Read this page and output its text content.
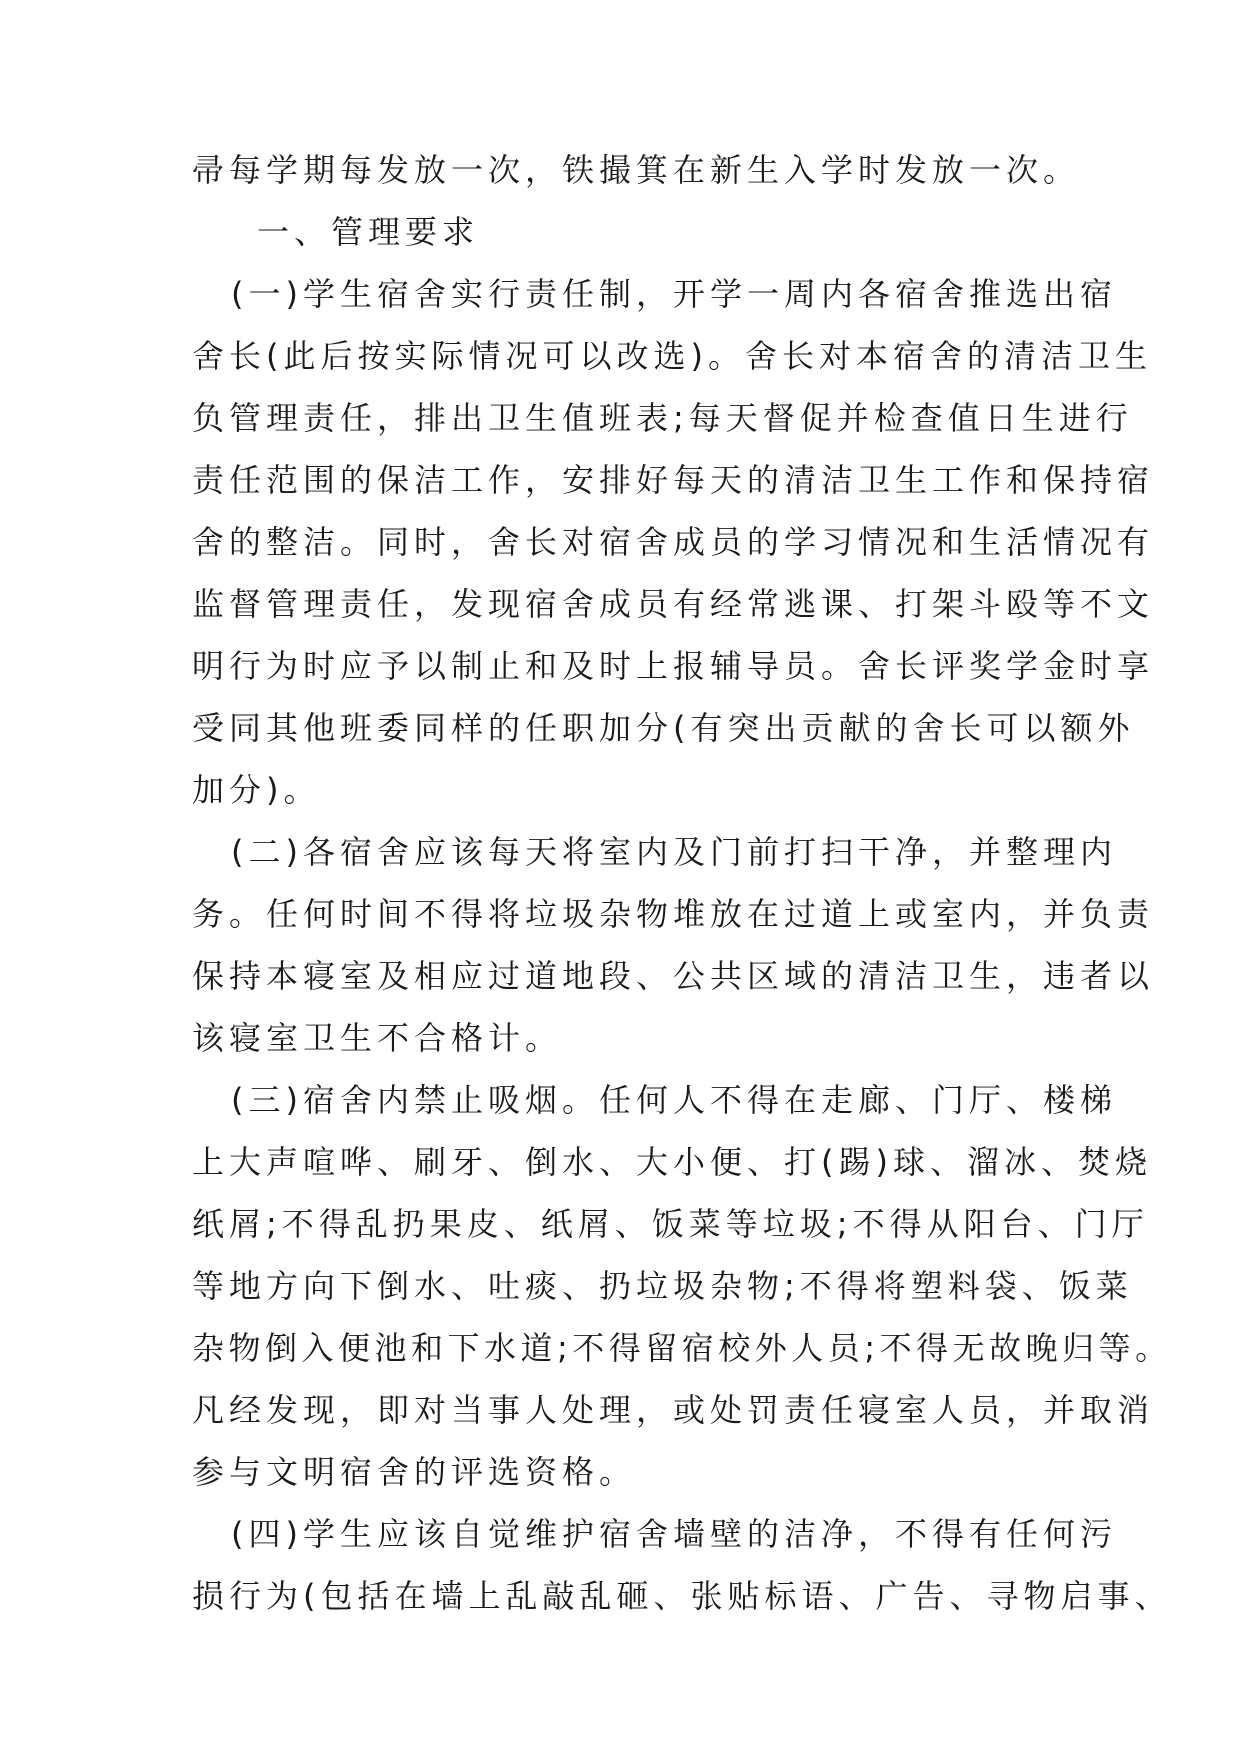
帚每学期每发放一次，铁撮箕在新生入学时发放一次。

一、管理要求

(一)学生宿舍实行责任制，开学一周内各宿舍推选出宿

舍长(此后按实际情况可以改选)。舍长对本宿舍的清洁卫生

负管理责任，排出卫生值班表;每天督促并检查值日生进行

责任范围的保洁工作，安排好每天的清洁卫生工作和保持宿

舍的整洁。同时，舍长对宿舍成员的学习情况和生活情况有

监督管理责任，发现宿舍成员有经常逃课、打架斗殴等不文

明行为时应予以制止和及时上报辅导员。舍长评奖学金时享

受同其他班委同样的任职加分(有突出贡献的舍长可以额外

加分)。

(二)各宿舍应该每天将室内及门前打扫干净，并整理内

务。任何时间不得将垃圾杂物堆放在过道上或室内，并负责

保持本寝室及相应过道地段、公共区域的清洁卫生，违者以

该寝室卫生不合格计。

(三)宿舍内禁止吸烟。任何人不得在走廊、门厅、楼梯

上大声喧哗、刷牙、倒水、大小便、打(踢)球、溜冰、焚烧

纸屑;不得乱扔果皮、纸屑、饭菜等垃圾;不得从阳台、门厅

等地方向下倒水、吐痰、扔垃圾杂物;不得将塑料袋、饭菜

杂物倒入便池和下水道;不得留宿校外人员;不得无故晚归等。

凡经发现，即对当事人处理，或处罚责任寝室人员，并取消

参与文明宿舍的评选资格。

(四)学生应该自觉维护宿舍墙壁的洁净，不得有任何污

损行为(包括在墙上乱敲乱砸、张贴标语、广告、寻物启事、
